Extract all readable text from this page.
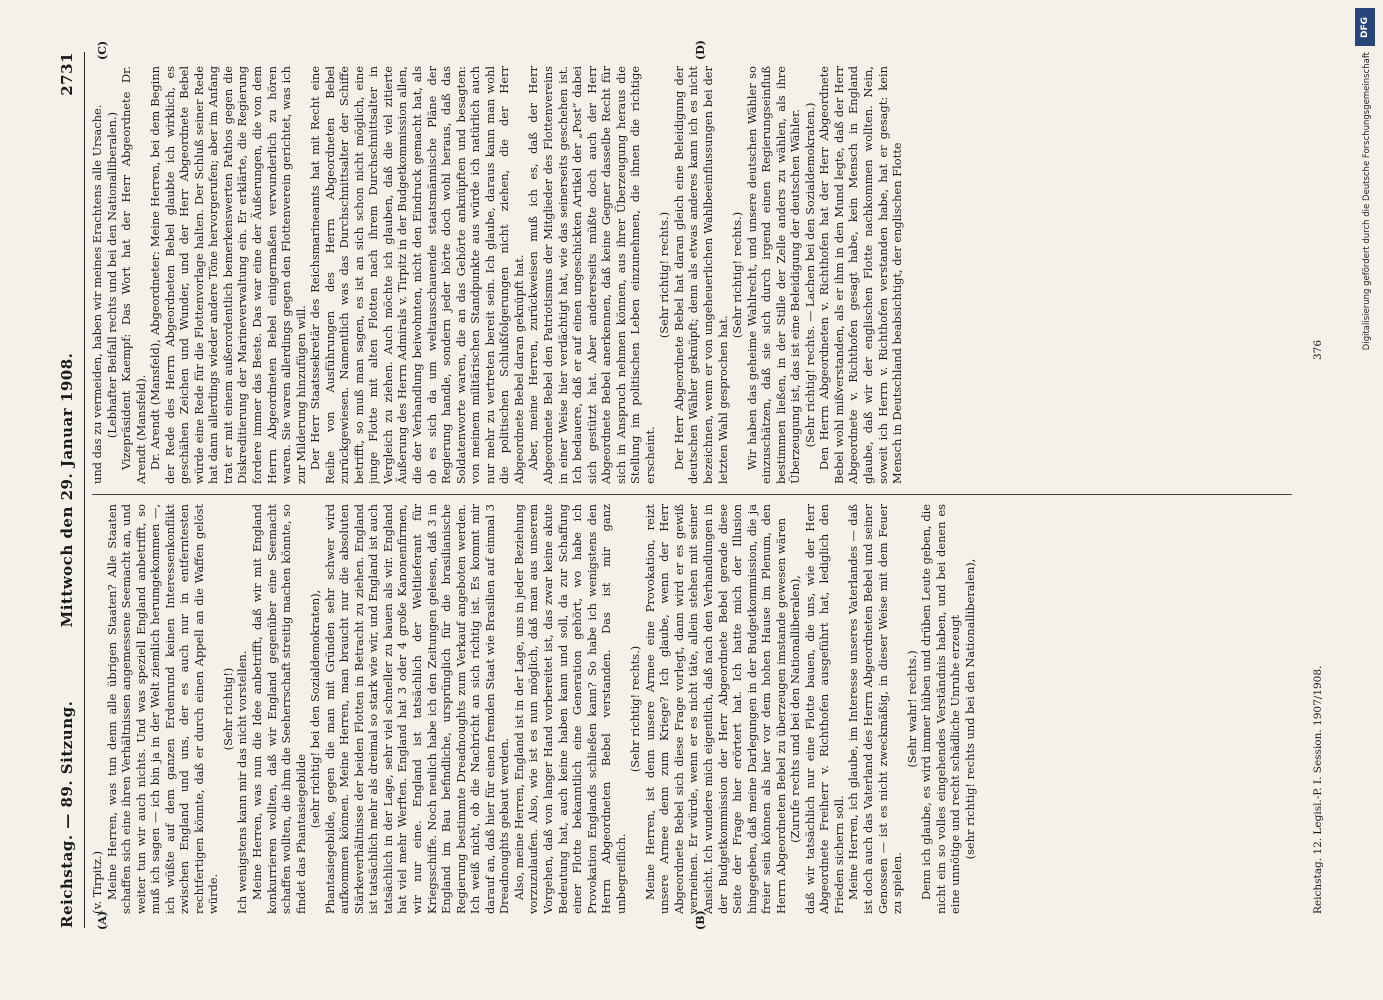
Reichstag. — 89. Sitzung.
Mittwoch den 29. Januar 1908.
2731
(A)	(B)
(C)	(D)

(v. Tirpitz.) Meine Herren, was tun denn alle übrigen Staaten? Alle Staaten schaffen sich eine ihren Verhältnissen angemessene Seemacht an, und weiter tun wir auch nichts. Und was speziell England anbetrifft, so muß ich sagen — ich bin ja in der Welt ziemlich herumgekommen —, ich wüßte auf dem ganzen Erdenrund keinen Interessenkonflikt zwischen England und uns, der es auch nur in entferntesten rechtfertigen könnte, daß er durch einen Appell an die Waffen gelöst würde.

(Sehr richtig!) Ich wenigstens kann mir das nicht vorstellen. Meine Herren, was nun die Idee anbetrifft, daß wir mit England konkurrieren wollten, daß wir England gegenüber eine Seemacht schaffen wollten, die ihm die Seeherrschaft streitig machen könnte, so findet das Phantasiegebilde

(sehr richtig! bei den Sozialdemokraten), Phantasiegebilde, gegen die man mit Gründen sehr schwer wird aufkommen können. Meine Herren, man braucht nur die absoluten Stärkeverhältnisse der beiden Flotten in Betracht zu ziehen. England ist tatsächlich mehr als dreimal so stark wie wir, und England ist auch tatsächlich in der Lage, sehr viel schneller zu bauen als wir. England hat viel mehr Werften. England hat 3 oder 4 große Kanonenfirmen, wir nur eine. England ist tatsächlich der Weltlieferant für Kriegsschiffe. Noch neulich habe ich den Zeitungen gelesen, daß 3 in England im Bau befindliche, ursprünglich für die brasilianische Regierung bestimmte Dreadnoughts zum Verkauf angeboten werden. Ich weiß nicht, ob die Nachricht an sich richtig ist. Es kommt mir darauf an, daß hier für einen fremden Staat wie Brasilien auf einmal 3 Dreadnoughts gebaut werden. Also, meine Herren, England ist in der Lage, uns in jeder Beziehung vorzuzulaufen. Also, wie ist es nun möglich, daß man aus unserem Vorgehen, daß von langer Hand vorbereitet ist, das zwar keine akute Bedeutung hat, auch keine haben kann und soll, da zur Schaffung einer Flotte bekanntlich eine Generation gehört, wo habe ich Provokation Englands schließen kann? So habe ich wenigstens den Herrn Abgeordneten Bebel verstanden. Das ist mir ganz unbegreiflich.

(Sehr richtig! rechts.) Meine Herren, ist denn unsere Armee eine Provokation, reizt unsere Armee denn zum Kriege? Ich glaube, wenn der Herr Abgeordnete Bebel sich diese Frage vorlegt, dann wird er es gewiß verneinen. Er würde, wenn er es nicht täte, allein stehen mit seiner Ansicht. Ich wundere mich eigentlich, daß nach den Verhandlungen in der Budgetkommission der Herr Abgeordnete Bebel gerade diese Seite der Frage hier erörtert hat. Ich hatte mich der Illusion hingegeben, daß meine Darlegungen in der Budgetkommission, die ja freier sein können als hier vor dem hohen Hause im Plenum, den Herrn Abgeordneten Bebel zu überzeugen imstande gewesen wären (Zurufe rechts und bei den Nationalliberalen), daß wir tatsächlich nur eine Flotte bauen, die uns, wie der Herr Abgeordnete Freiherr v. Richthofen ausgeführt hat, lediglich den Frieden sichern soll. Meine Herren, ich glaube, im Interesse unseres Vaterlandes — daß ist doch auch das Vaterland des Herrn Abgeordneten Bebel und seiner Genossen — ist es nicht zweckmäßig, in dieser Weise mit dem Feuer zu spielen.

(Sehr wahr! rechts.) Denn ich glaube, es wird immer hüben und drüben Leute geben, die nicht ein so volles eingehendes Verständnis haben, und bei denen es eine unnötige und recht schädliche Unruhe erzeugt (sehr richtig! rechts und bei den Nationalliberalen),

und das zu vermeiden, haben wir meines Erachtens alle Ursache. (Lebhafter Beifall rechts und bei den Nationalliberalen.) Vizepräsident Kaempf: Das Wort hat der Herr Abgeordnete Dr. Arendt (Mansfeld). Dr. Arendt (Mansfeld), Abgeordneter: Meine Herren, bei dem Beginn der Rede des Herrn Abgeordneten Bebel glaubte ich wirklich, es geschähen Zeichen und Wunder, und der Herr Abgeordnete Bebel würde eine Rede für die Flottenvorlage halten. Der Schluß seiner Rede hat dann allerdings wieder andere Töne hervorgerufen; aber im Anfang trat er mit einem außerordentlich bemerkenswerten Pathos gegen die Diskreditierung der Marineverwaltung ein. Er erklärte, die Regierung fordere immer das Beste. Das war eine der Äußerungen, die von dem Herrn Abgeordneten Bebel einigermaßen verwunderlich zu hören waren. Sie waren allerdings gegen den Flottenverein gerichtet, was ich zur Milderung hinzufügen will. Der Herr Staatssekretär des Reichsmarineamts hat mit Recht eine Reihe von Ausführungen des Herrn Abgeordneten Bebel zurückgewiesen. Namentlich was das Durchschnittsalter der Schiffe betrifft, so muß man sagen, es ist an sich schon nicht möglich, eine junge Flotte mit alten Flotten nach ihrem Durchschnittsalter in Vergleich zu ziehen. Auch möchte ich glauben, daß die viel zitierte Äußerung des Herrn Admirals v. Tirpitz in der Budgetkommission allen, die der Verhandlung beiwohnten, nicht den Eindruck gemacht hat, als ob es sich da um weltausschauende staatsmännische Pläne der Regierung handle, sondern jeder hörte doch wohl heraus, daß das Soldatenworte waren, die an das Gehörte anknüpften und besagten: von meinem militärischen Standpunkte aus würde ich natürlich auch nur mehr zu vertreten bereit sein. Ich glaube, daraus kann man wohl die politischen Schlußfolgerungen nicht ziehen, die der Herr Abgeordnete Bebel daran geknüpft hat. Aber, meine Herren, zurückweisen muß ich es, daß der Herr Abgeordnete Bebel den Patriotismus der Mitglieder des Flottenvereins in einer Weise hier verdächtigt hat, wie das seinerseits geschehen ist. Ich bedauere, daß er auf einen ungeschickten Artikel der „Post“ dabei sich gestützt hat. Aber andererseits müßte doch auch der Herr Abgeordnete Bebel anerkennen, daß keine Gegner dasselbe Recht für sich in Anspruch nehmen können, aus ihrer Überzeugung heraus die Stellung im politischen Leben einzunehmen, die ihnen die richtige erscheint.

(Sehr richtig! rechts.) Der Herr Abgeordnete Bebel hat daran gleich eine Beleidigung der deutschen Wähler geknüpft; denn als etwas anderes kann ich es nicht bezeichnen, wenn er von ungeheuerlichen Wahlbeeinflussungen bei der letzten Wahl gesprochen hat.

(Sehr richtig! rechts.) Wir haben das geheime Wahlrecht, und unsere deutschen Wähler so einzuschätzen, daß sie sich durch irgend einen Regierungseinfluß bestimmen ließen, in der Stille der Zelle anders zu wählen, als ihre Überzeugung ist, das ist eine Beleidigung der deutschen Wähler. (Sehr richtig! rechts. — Lachen bei den Sozialdemokraten.) Den Herrn Abgeordneten v. Richthofen hat der Herr Abgeordnete Bebel wohl mißverstanden, als er ihm in den Mund legte, daß der Herr Abgeordnete v. Richthofen gesagt habe, kein Mensch in England glaube, daß wir der englischen Flotte nachkommen wollten. Nein, soweit ich Herrn v. Richthofen verstanden habe, hat er gesagt: kein Mensch in Deutschland beabsichtigt, der englischen Flotte

Reichstag. 12. Legisl.-P. I. Session. 1907/1908.
376
DFG
Digitalisierung gefördert durch die Deutsche Forschungsgemeinschaft
